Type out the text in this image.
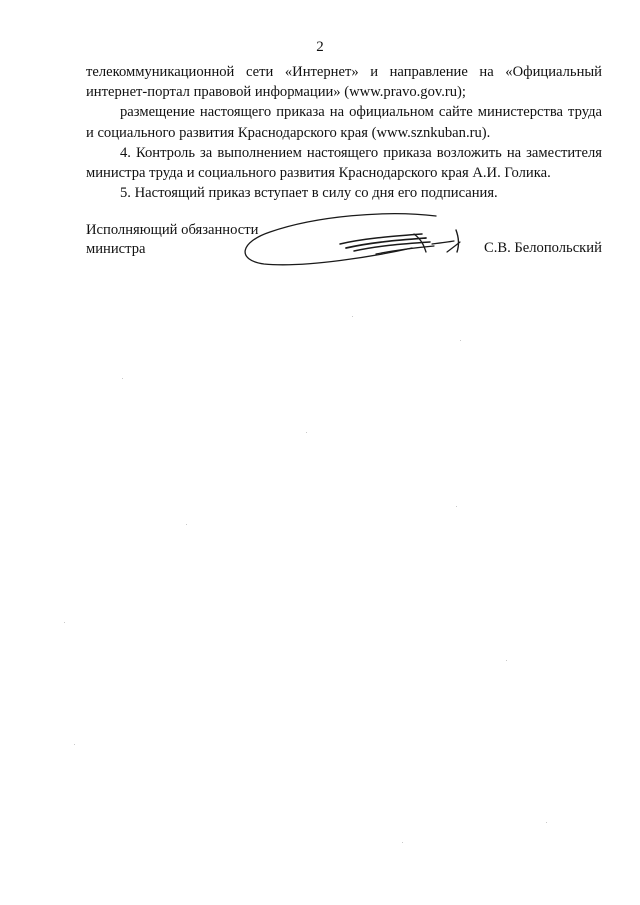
2

телекоммуникационной сети «Интернет» и направление на «Официальный интернет-портал правовой информации» (www.pravo.gov.ru);

размещение настоящего приказа на официальном сайте министерства труда и социального развития Краснодарского края (www.sznkuban.ru).

4. Контроль за выполнением настоящего приказа возложить на заместителя министра труда и социального развития Краснодарского края А.И. Голика.

5. Настоящий приказ вступает в силу со дня его подписания.

Исполняющий обязанности
министра	С.В. Белопольский
